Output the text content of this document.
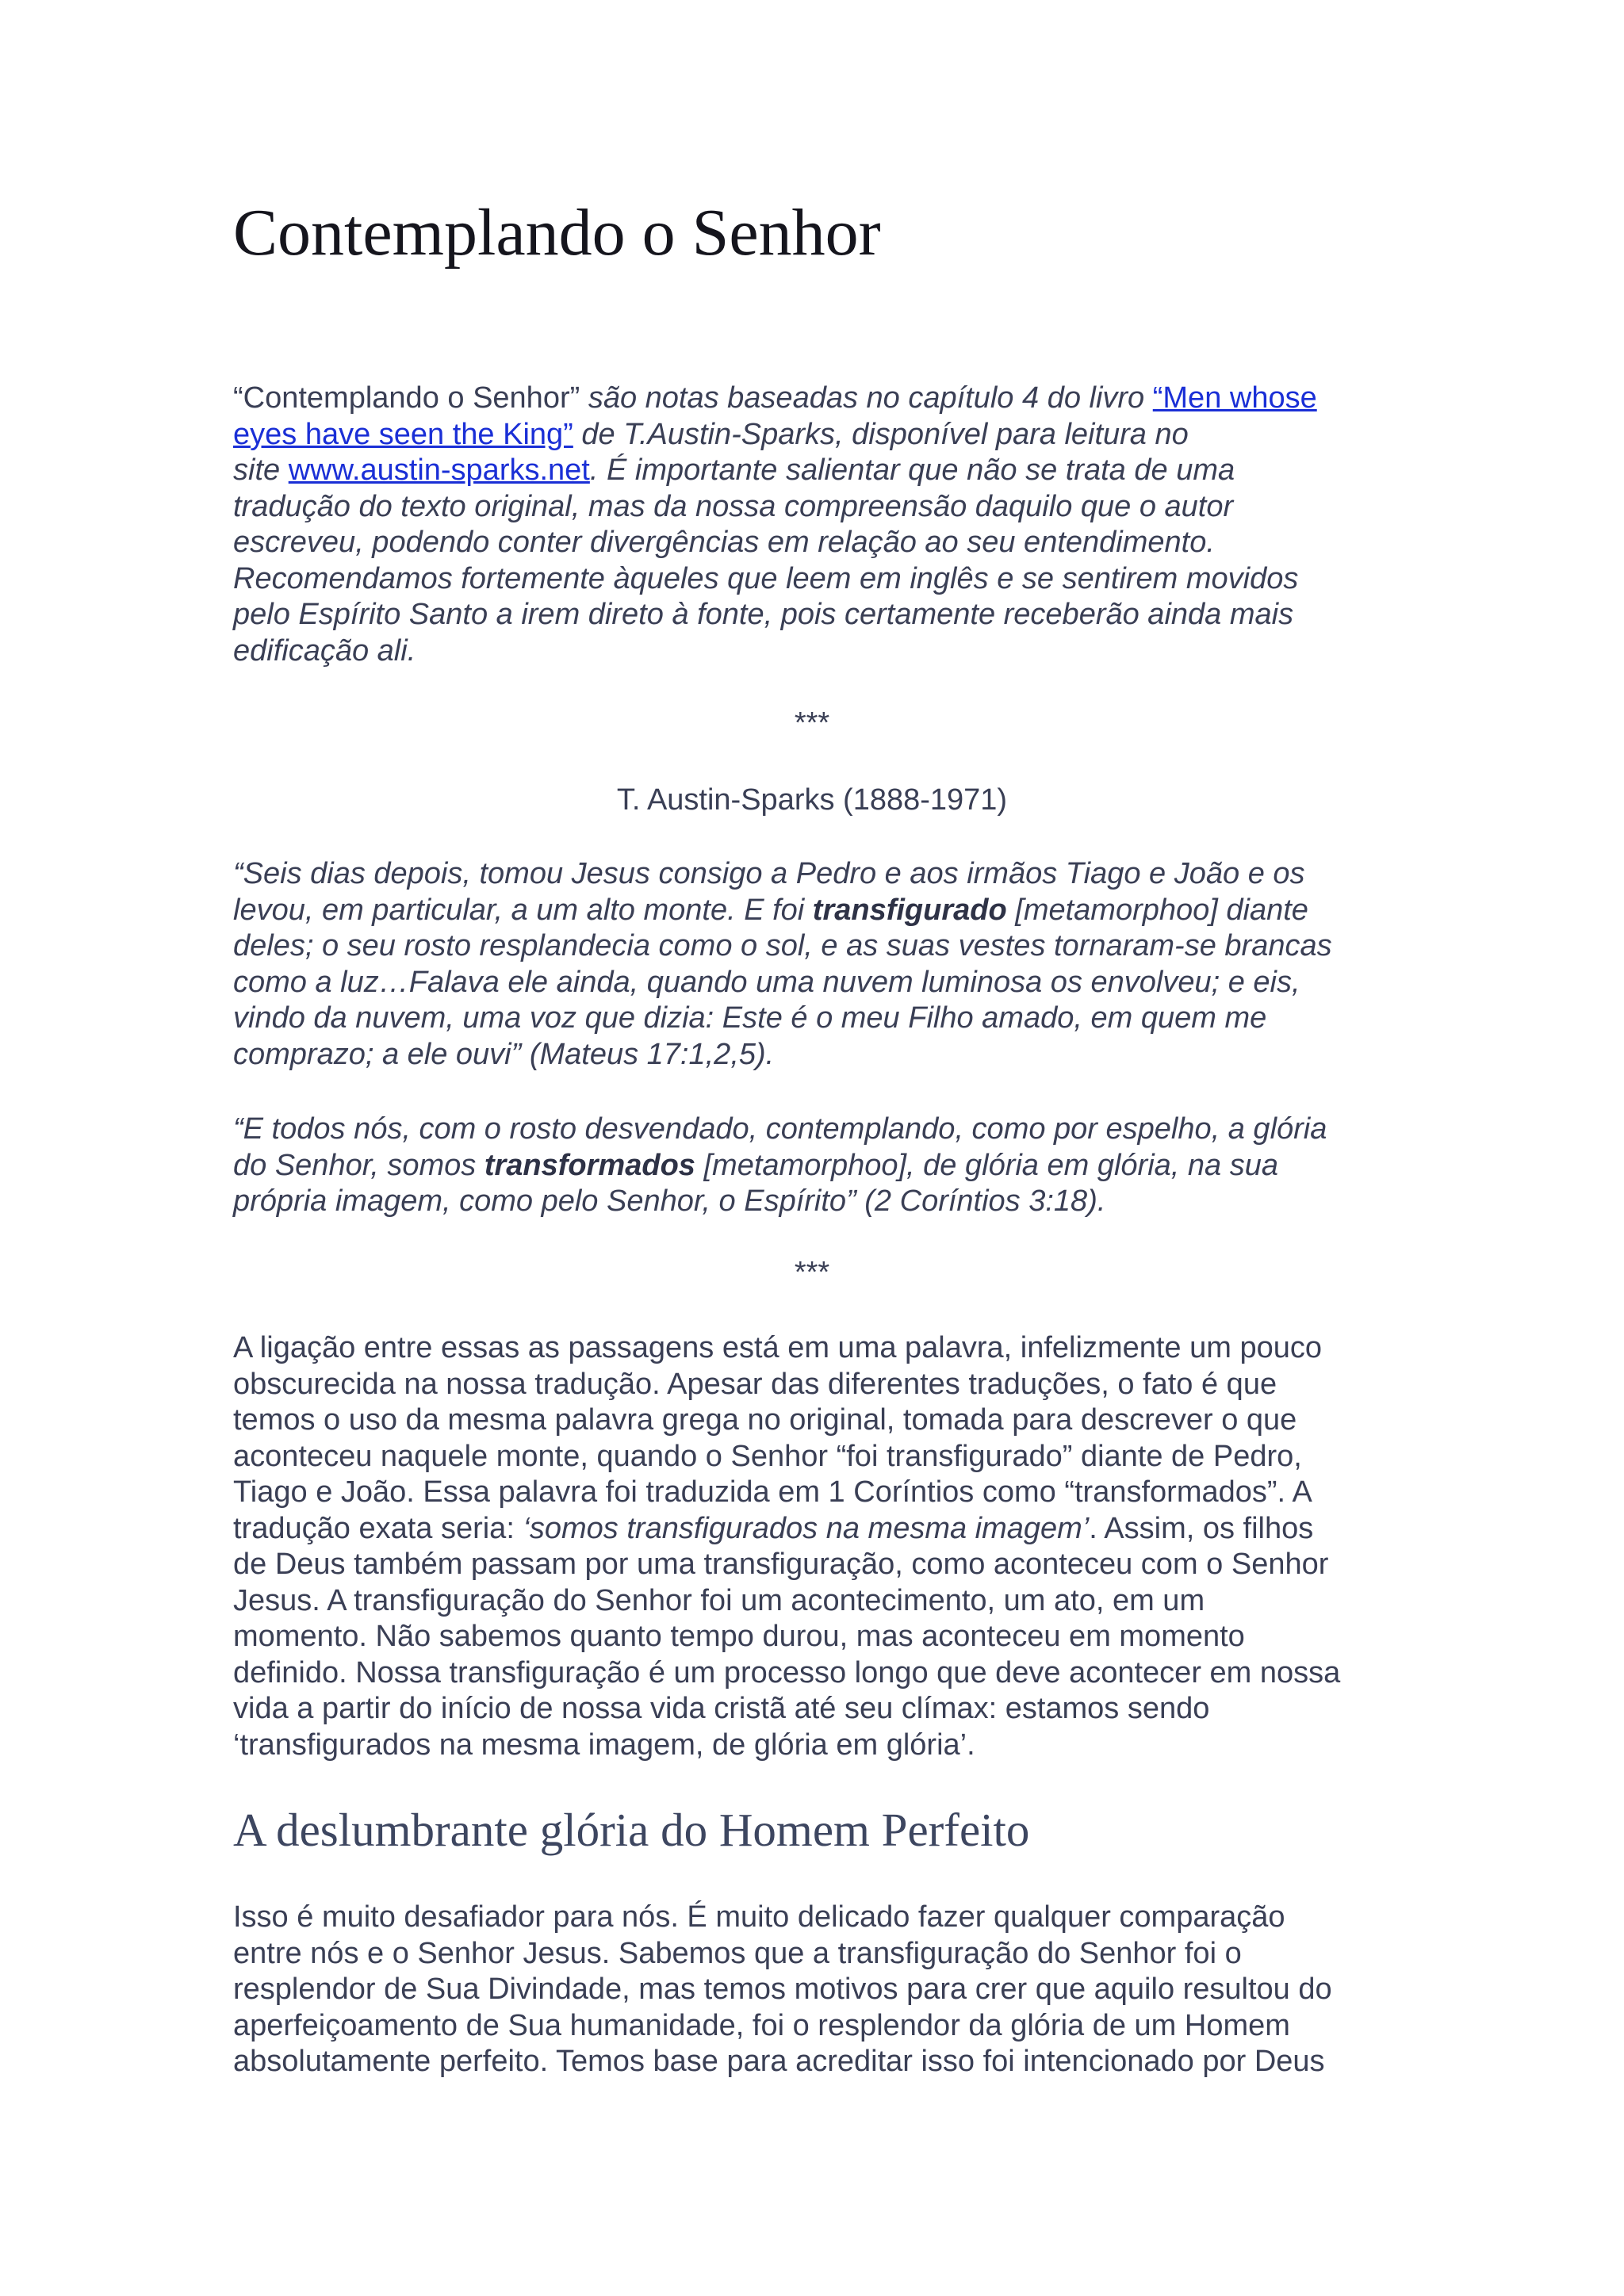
Contemplando o Senhor
“Contemplando o Senhor” são notas baseadas no capítulo 4 do livro “Men whose
eyes have seen the King” de T.Austin-Sparks, disponível para leitura no
site www.austin-sparks.net. É importante salientar que não se trata de uma
tradução do texto original, mas da nossa compreensão daquilo que o autor
escreveu, podendo conter divergências em relação ao seu entendimento.
Recomendamos fortemente àqueles que leem em inglês e se sentirem movidos
pelo Espírito Santo a irem direto à fonte, pois certamente receberão ainda mais
edificação ali.
***
T. Austin-Sparks (1888-1971)
“Seis dias depois, tomou Jesus consigo a Pedro e aos irmãos Tiago e João e os
levou, em particular, a um alto monte. E foi transfigurado [metamorphoo] diante
deles; o seu rosto resplandecia como o sol, e as suas vestes tornaram-se brancas
como a luz…Falava ele ainda, quando uma nuvem luminosa os envolveu; e eis,
vindo da nuvem, uma voz que dizia: Este é o meu Filho amado, em quem me
comprazo; a ele ouvi” (Mateus 17:1,2,5).
“E todos nós, com o rosto desvendado, contemplando, como por espelho, a glória
do Senhor, somos transformados [metamorphoo], de glória em glória, na sua
própria imagem, como pelo Senhor, o Espírito” (2 Coríntios 3:18).
***
A ligação entre essas as passagens está em uma palavra, infelizmente um pouco
obscurecida na nossa tradução. Apesar das diferentes traduções, o fato é que
temos o uso da mesma palavra grega no original, tomada para descrever o que
aconteceu naquele monte, quando o Senhor “foi transfigurado” diante de Pedro,
Tiago e João. Essa palavra foi traduzida em 1 Coríntios como “transformados”. A
tradução exata seria: ‘somos transfigurados na mesma imagem’. Assim, os filhos
de Deus também passam por uma transfiguração, como aconteceu com o Senhor
Jesus. A transfiguração do Senhor foi um acontecimento, um ato, em um
momento. Não sabemos quanto tempo durou, mas aconteceu em momento
definido. Nossa transfiguração é um processo longo que deve acontecer em nossa
vida a partir do início de nossa vida cristã até seu clímax: estamos sendo
‘transfigurados na mesma imagem, de glória em glória’.
A deslumbrante glória do Homem Perfeito
Isso é muito desafiador para nós. É muito delicado fazer qualquer comparação
entre nós e o Senhor Jesus. Sabemos que a transfiguração do Senhor foi o
resplendor de Sua Divindade, mas temos motivos para crer que aquilo resultou do
aperfeiçoamento de Sua humanidade, foi o resplendor da glória de um Homem
absolutamente perfeito. Temos base para acreditar isso foi intencionado por Deus
